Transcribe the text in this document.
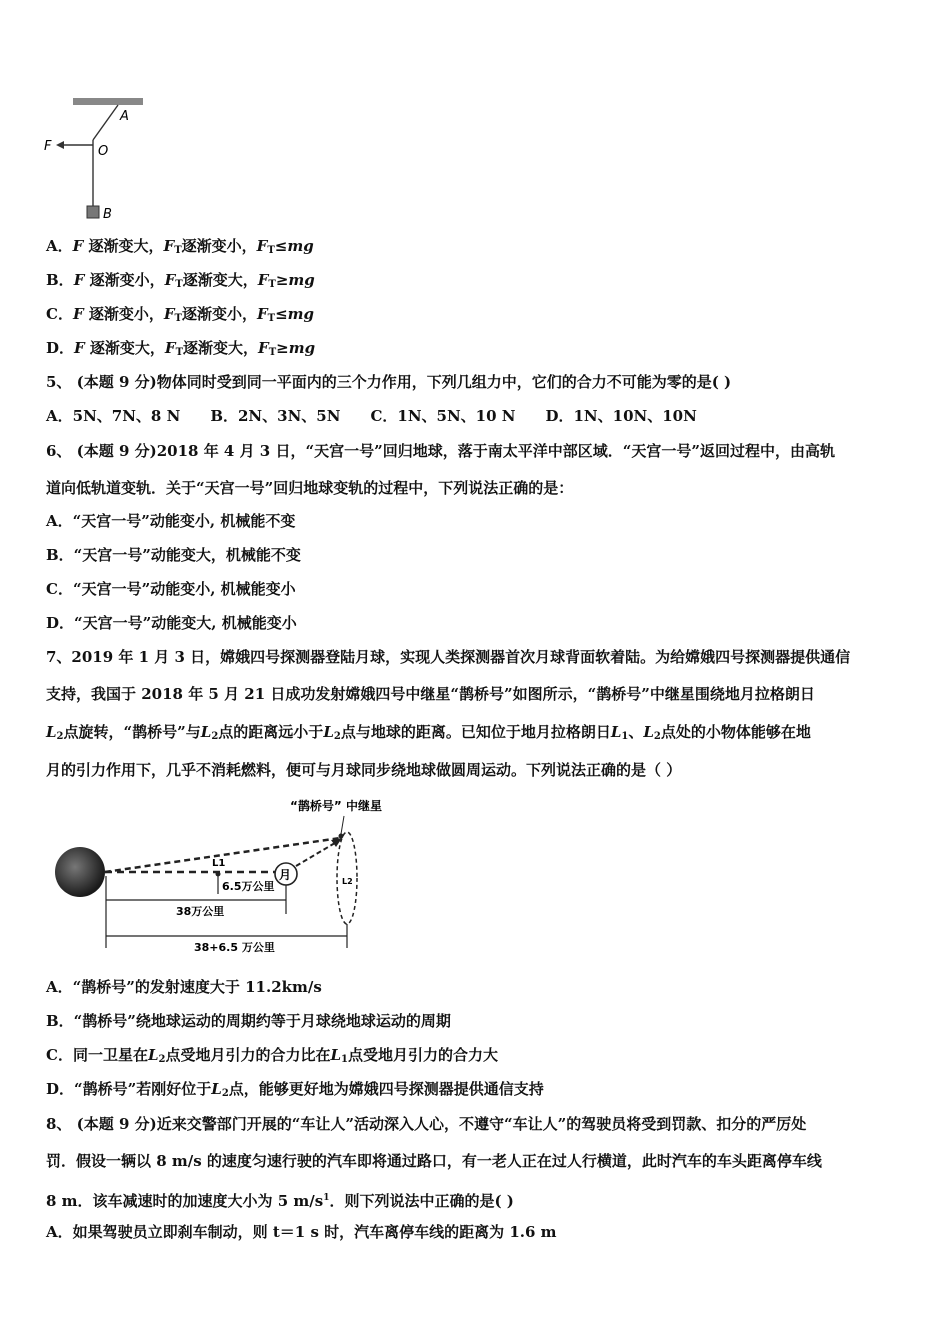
A
O
F
B
A．F 逐渐变大，$F_T$逐渐变小，$F_T\le mg$
B．F 逐渐变小，$F_T$逐渐变大，$F_T\ge mg$
C．F 逐渐变小，$F_T$逐渐变小，$F_T\le mg$
D．F 逐渐变大，$F_T$逐渐变大，$F_T\ge mg$
5、 (本题 9 分)物体同时受到同一平面内的三个力作用，下列几组力中，它们的合力不可能为零的是( )
A．5N、7N、8 N B．2N、3N、5N C．1N、5N、10 N D．1N、10N、10N
6、 (本题 9 分)2018 年 4 月 3 日，“天宫一号”回归地球，落于南太平洋中部区域．“天宫一号”返回过程中，由高轨
道向低轨道变轨．关于“天宫一号”回归地球变轨的过程中，下列说法正确的是：
A．“天宫一号”动能变小, 机械能不变
B．“天宫一号”动能变大，机械能不变
C．“天宫一号”动能变小, 机械能变小
D．“天宫一号”动能变大, 机械能变小
7、2019 年 1 月 3 日，嫦娥四号探测器登陆月球，实现人类探测器首次月球背面软着陆。为给嫦娥四号探测器提供通信
支持，我国于 2018 年 5 月 21 日成功发射嫦娥四号中继星“鹊桥号”如图所示，“鹊桥号”中继星围绕地月拉格朗日
$L_2$点旋转，“鹊桥号”与$L_2$点的距离远小于$L_2$点与地球的距离。已知位于地月拉格朗日$L_1$、$L_2$点处的小物体能够在地
月的引力作用下，几乎不消耗燃料，便可与月球同步绕地球做圆周运动。下列说法正确的是（ ）
月
“鹊桥号” 中继星
L1
L2
6.5万公里
38万公里
38+6.5 万公里
A．“鹊桥号”的发射速度大于 11.2km/s
B．“鹊桥号”绕地球运动的周期约等于月球绕地球运动的周期
C．同一卫星在$L_2$点受地月引力的合力比在$L_1$点受地月引力的合力大
D．“鹊桥号”若刚好位于$L_2$点，能够更好地为嫦娥四号探测器提供通信支持
8、 (本题 9 分)近来交警部门开展的“车让人”活动深入人心，不遵守“车让人”的驾驶员将受到罚款、扣分的严厉处
罚．假设一辆以 8 m/s 的速度匀速行驶的汽车即将通过路口，有一老人正在过人行横道，此时汽车的车头距离停车线
8 m．该车减速时的加速度大小为 5 $m/s^1$．则下列说法中正确的是( )
A．如果驾驶员立即刹车制动，则 t＝1 s 时，汽车离停车线的距离为 1.6 m
